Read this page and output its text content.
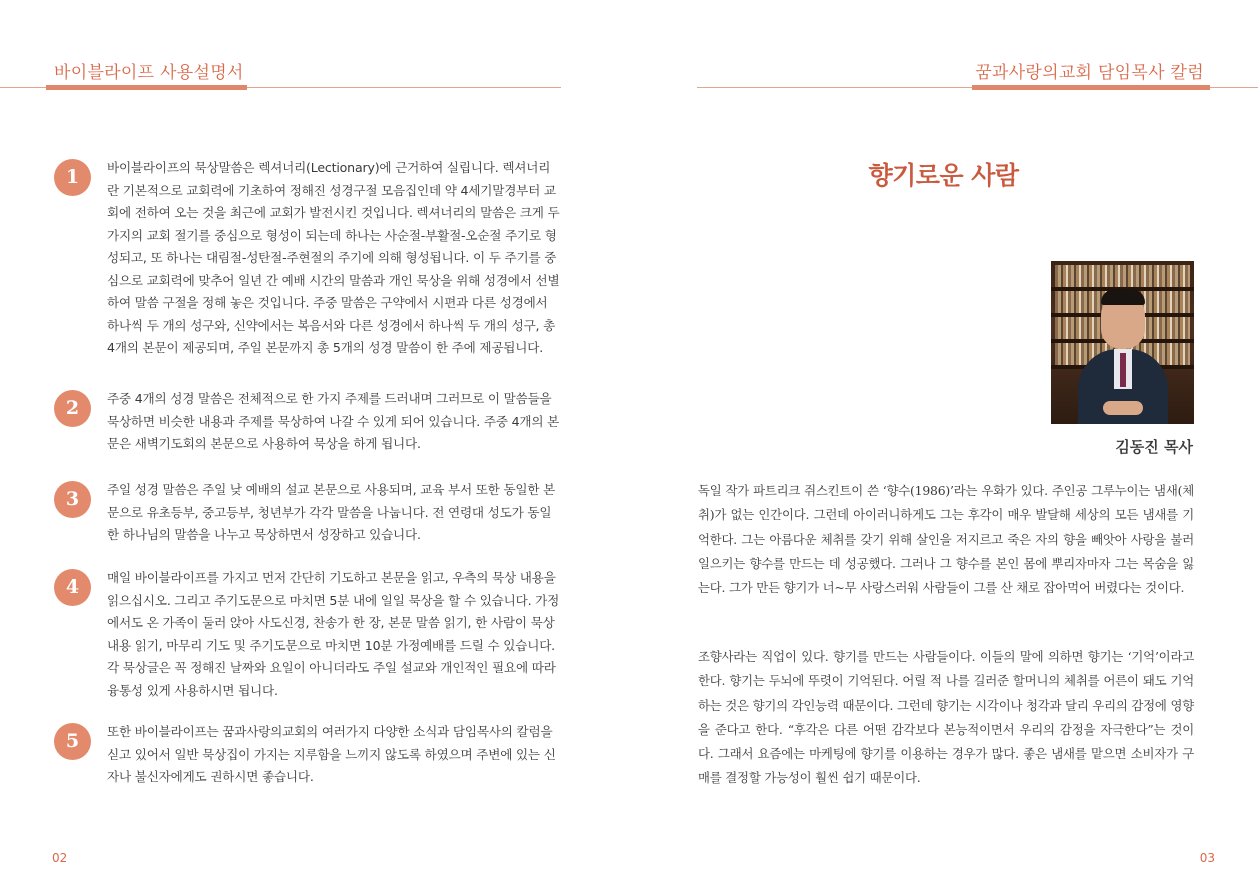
바이블라이프 사용설명서
1	바이블라이프의 묵상말씀은 렉셔너리(Lectionary)에 근거하여 실립니다. 렉셔너리란 기본적으로 교회력에 기초하여 정해진 성경구절 모음집인데 약 4세기말경부터 교회에 전하여 오는 것을 최근에 교회가 발전시킨 것입니다. 렉셔너리의 말씀은 크게 두 가지의 교회 절기를 중심으로 형성이 되는데 하나는 사순절-부활절-오순절 주기로 형성되고, 또 하나는 대림절-성탄절-주현절의 주기에 의해 형성됩니다. 이 두 주기를 중심으로 교회력에 맞추어 일년 간 예배 시간의 말씀과 개인 묵상을 위해 성경에서 선별하여 말씀 구절을 정해 놓은 것입니다. 주중 말씀은 구약에서 시편과 다른 성경에서 하나씩 두 개의 성구와, 신약에서는 복음서와 다른 성경에서 하나씩 두 개의 성구, 총 4개의 본문이 제공되며, 주일 본문까지 총 5개의 성경 말씀이 한 주에 제공됩니다.

2	주중 4개의 성경 말씀은 전체적으로 한 가지 주제를 드러내며 그러므로 이 말씀들을 묵상하면 비슷한 내용과 주제를 묵상하여 나갈 수 있게 되어 있습니다. 주중 4개의 본문은 새벽기도회의 본문으로 사용하여 묵상을 하게 됩니다.

3	주일 성경 말씀은 주일 낮 예배의 설교 본문으로 사용되며, 교육 부서 또한 동일한 본문으로 유초등부, 중고등부, 청년부가 각각 말씀을 나눕니다. 전 연령대 성도가 동일한 하나님의 말씀을 나누고 묵상하면서 성장하고 있습니다.

4	매일 바이블라이프를 가지고 먼저 간단히 기도하고 본문을 읽고, 우측의 묵상 내용을 읽으십시오. 그리고 주기도문으로 마치면 5분 내에 일일 묵상을 할 수 있습니다. 가정에서도 온 가족이 둘러 앉아 사도신경, 찬송가 한 장, 본문 말씀 읽기, 한 사람이 묵상 내용 읽기, 마무리 기도 및 주기도문으로 마치면 10분 가정예배를 드릴 수 있습니다. 각 묵상글은 꼭 정해진 날짜와 요일이 아니더라도 주일 설교와 개인적인 필요에 따라 융통성 있게 사용하시면 됩니다.

5	또한 바이블라이프는 꿈과사랑의교회의 여러가지 다양한 소식과 담임목사의 칼럼을 싣고 있어서 일반 묵상집이 가지는 지루함을 느끼지 않도록 하였으며 주변에 있는 신자나 불신자에게도 권하시면 좋습니다.

02
꿈과사랑의교회 담임목사 칼럼
향기로운 사람
김동진 목사

독일 작가 파트리크 쥐스킨트이 쓴 ‘향수(1986)’라는 우화가 있다. 주인공 그루누이는 냄새(체취)가 없는 인간이다. 그런데 아이러니하게도 그는 후각이 매우 발달해 세상의 모든 냄새를 기억한다. 그는 아름다운 체취를 갖기 위해 살인을 저지르고 죽은 자의 향을 빼앗아 사랑을 불러일으키는 향수를 만드는 데 성공했다. 그러나 그 향수를 본인 몸에 뿌리자마자 그는 목숨을 잃는다. 그가 만든 향기가 너~무 사랑스러워 사람들이 그를 산 채로 잡아먹어 버렸다는 것이다.

조향사라는 직업이 있다. 향기를 만드는 사람들이다. 이들의 말에 의하면 향기는 ‘기억’이라고 한다. 향기는 두뇌에 뚜렷이 기억된다. 어릴 적 나를 길러준 할머니의 체취를 어른이 돼도 기억하는 것은 향기의 각인능력 때문이다. 그런데 향기는 시각이나 청각과 달리 우리의 감정에 영향을 준다고 한다. “후각은 다른 어떤 감각보다 본능적이면서 우리의 감정을 자극한다”는 것이다. 그래서 요즘에는 마케팅에 향기를 이용하는 경우가 많다. 좋은 냄새를 맡으면 소비자가 구매를 결정할 가능성이 훨씬 쉽기 때문이다.

03
